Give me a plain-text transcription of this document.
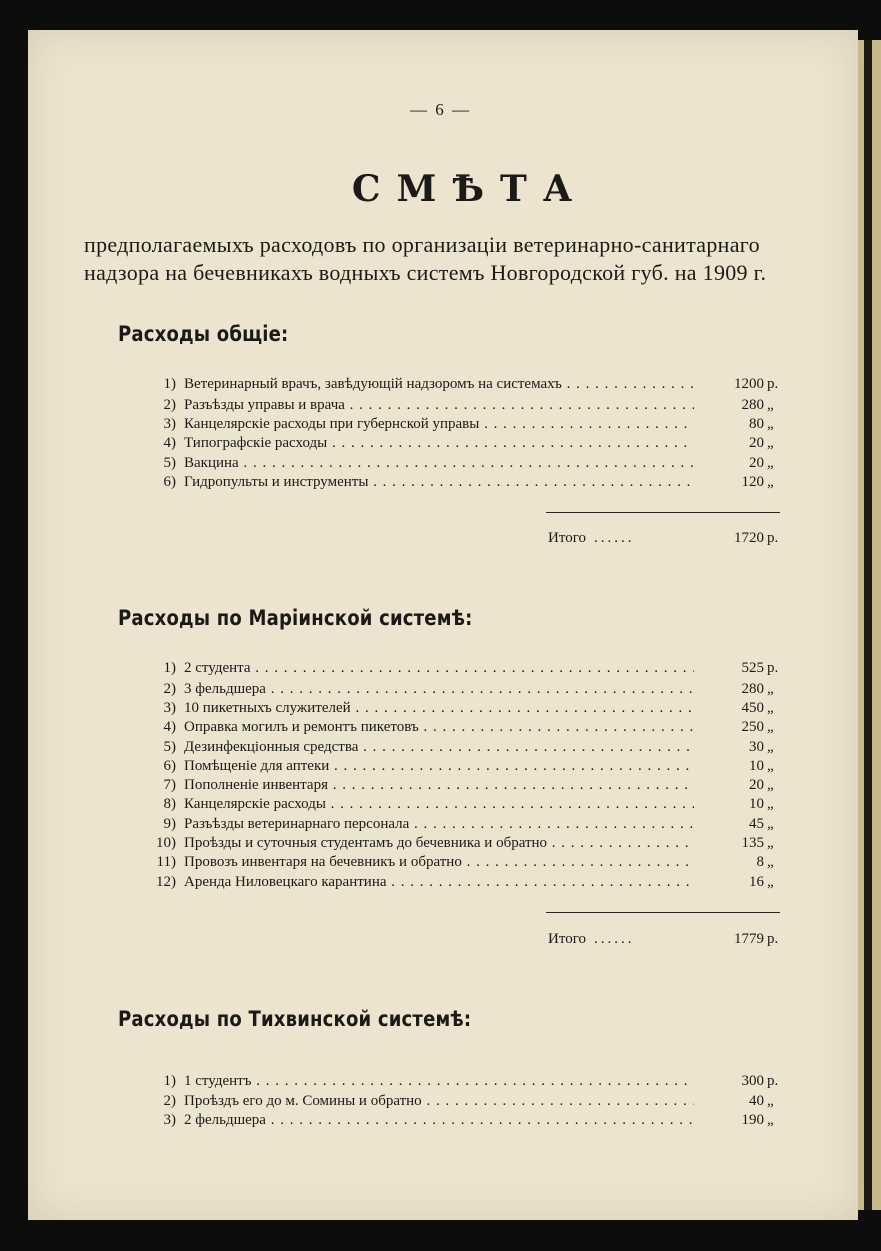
— 6 —
СМѢТА
предполагаемыхъ расходовъ по организаціи ветеринарно-санитарнаго
надзора на бечевникахъ водныхъ системъ Новгородской губ. на 1909 г.
Расходы общіе:
1) Ветеринарный врачъ, завѣдующій надзоромъ на системахъ . . .	1200 р.
2) Разъѣзды управы и врача . . .	280 „
3) Канцелярскіе расходы при губернской управы . . .	80 „
4) Типографскіе расходы . . .	20 „
5) Вакцина . . .	20 „
6) Гидропульты и инструменты . . .	120 „
Итого ......	1720 р.
Расходы по Маріинской системѣ:
1) 2 студента . . .	525 р.
2) 3 фельдшера . . .	280 „
3) 10 пикетныхъ служителей . . .	450 „
4) Оправка могилъ и ремонтъ пикетовъ . . .	250 „
5) Дезинфекціонныя средства . . .	30 „
6) Помѣщеніе для аптеки . . .	10 „
7) Пополненіе инвентаря . . .	20 „
8) Канцелярскіе расходы . . .	10 „
9) Разъѣзды ветеринарнаго персонала . . .	45 „
10) Проѣзды и суточныя студентамъ до бечевника и обратно . . .	135 „
11) Провозъ инвентаря на бечевникъ и обратно . . .	8 „
12) Аренда Ниловецкаго карантина . . .	16 „
Итого ......	1779 р.
Расходы по Тихвинской системѣ:
1) 1 студентъ . . .	300 р.
2) Проѣздъ его до м. Сомины и обратно . . .	40 „
3) 2 фельдшера . . .	190 „
